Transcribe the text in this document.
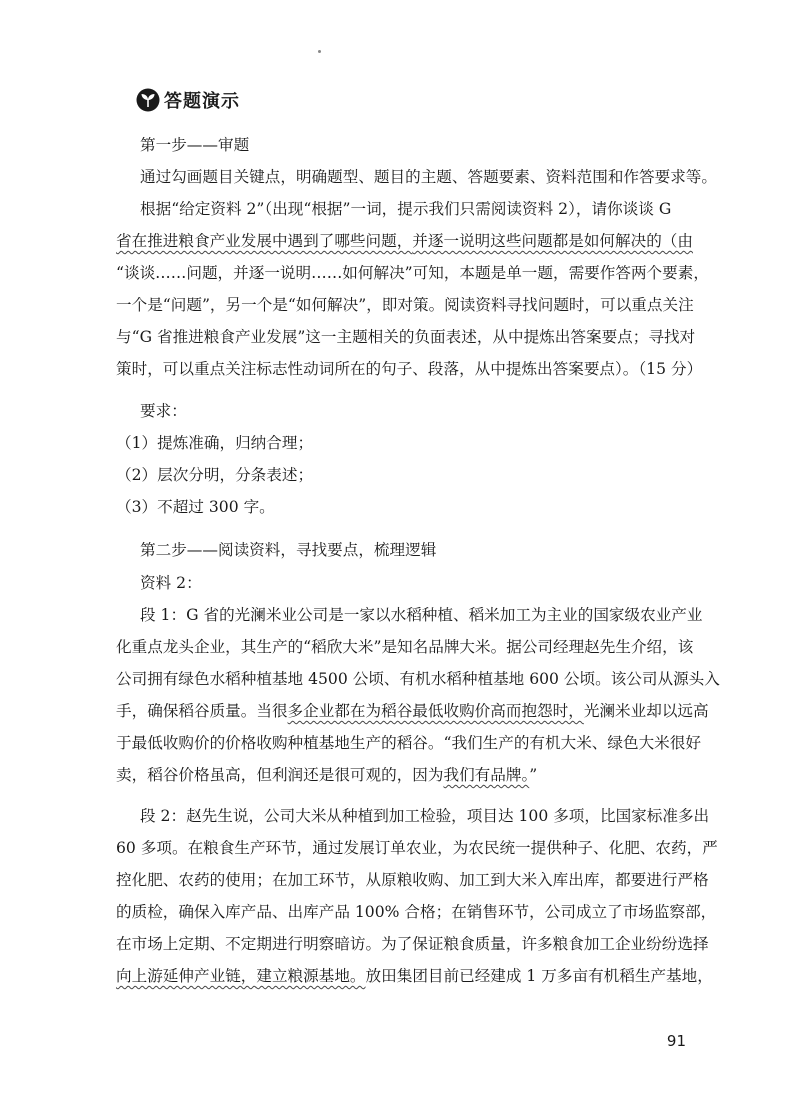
答题演示
第一步——审题
通过勾画题目关键点，明确题型、题目的主题、答题要素、资料范围和作答要求等。
根据“给定资料 2”（出现“根据”一词，提示我们只需阅读资料 2），请你谈谈 G
省在推进粮食产业发展中遇到了哪些问题，并逐一说明这些问题都是如何解决的（由
“谈谈……问题，并逐一说明……如何解决”可知，本题是单一题，需要作答两个要素，
一个是“问题”，另一个是“如何解决”，即对策。阅读资料寻找问题时，可以重点关注
与“G 省推进粮食产业发展”这一主题相关的负面表述，从中提炼出答案要点；寻找对
策时，可以重点关注标志性动词所在的句子、段落，从中提炼出答案要点）。（15 分）
要求：
（1）提炼准确，归纳合理；
（2）层次分明，分条表述；
（3）不超过 300 字。
第二步——阅读资料，寻找要点，梳理逻辑
资料 2：
段 1：G 省的光澜米业公司是一家以水稻种植、稻米加工为主业的国家级农业产业
化重点龙头企业，其生产的“稻欣大米”是知名品牌大米。据公司经理赵先生介绍，该
公司拥有绿色水稻种植基地 4500 公顷、有机水稻种植基地 600 公顷。该公司从源头入
手，确保稻谷质量。当很多企业都在为稻谷最低收购价高而抱怨时，光澜米业却以远高
于最低收购价的价格收购种植基地生产的稻谷。“我们生产的有机大米、绿色大米很好
卖，稻谷价格虽高，但利润还是很可观的，因为我们有品牌。”
段 2：赵先生说，公司大米从种植到加工检验，项目达 100 多项，比国家标准多出
60 多项。在粮食生产环节，通过发展订单农业，为农民统一提供种子、化肥、农药，严
控化肥、农药的使用；在加工环节，从原粮收购、加工到大米入库出库，都要进行严格
的质检，确保入库产品、出库产品 100% 合格；在销售环节，公司成立了市场监察部，
在市场上定期、不定期进行明察暗访。为了保证粮食质量，许多粮食加工企业纷纷选择
向上游延伸产业链，建立粮源基地。放田集团目前已经建成 1 万多亩有机稻生产基地，
91
